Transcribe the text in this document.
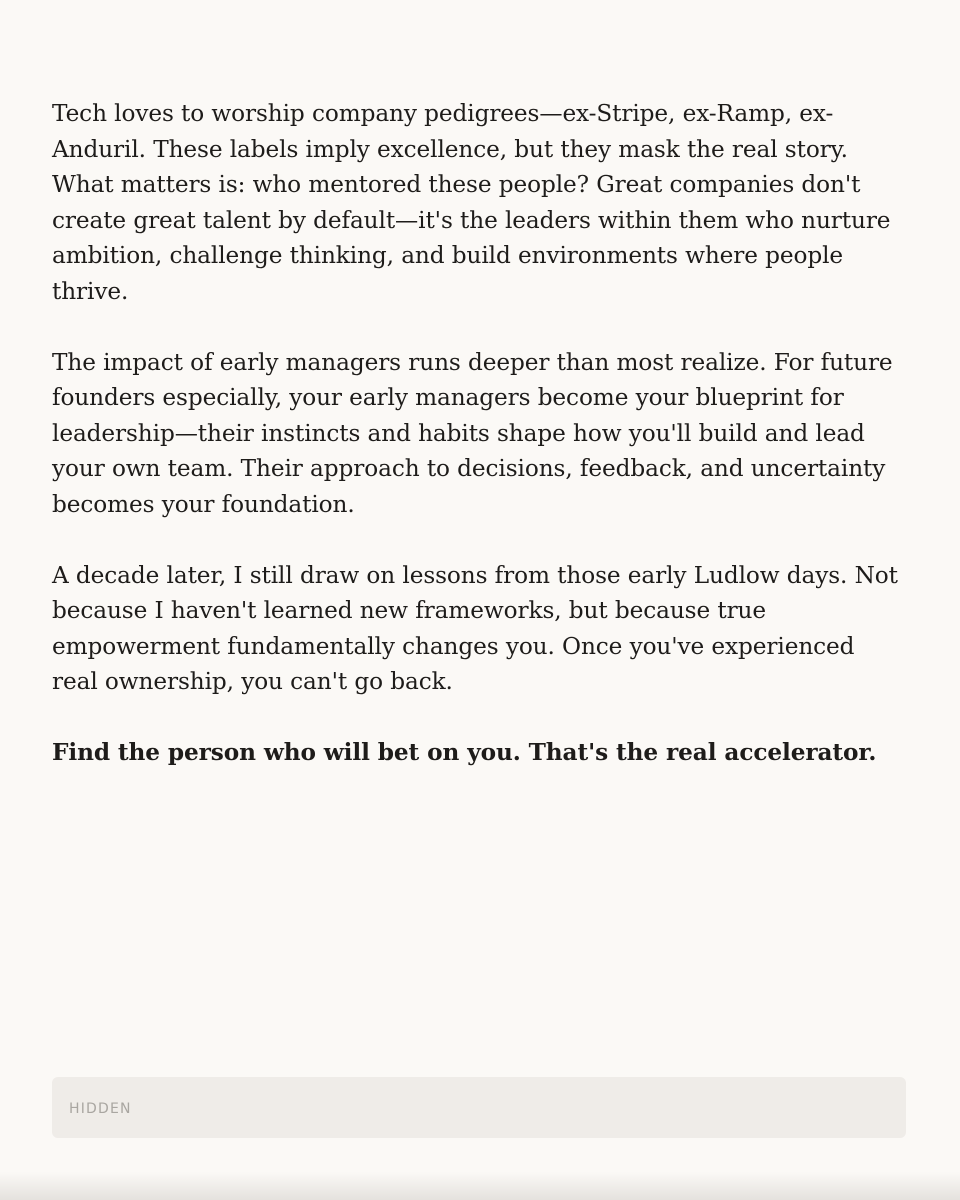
Tech loves to worship company pedigrees—ex-Stripe, ex-Ramp, ex-Anduril. These labels imply excellence, but they mask the real story. What matters is: who mentored these people? Great companies don't create great talent by default—it's the leaders within them who nurture ambition, challenge thinking, and build environments where people thrive.

The impact of early managers runs deeper than most realize. For future founders especially, your early managers become your blueprint for leadership—their instincts and habits shape how you'll build and lead your own team. Their approach to decisions, feedback, and uncertainty becomes your foundation.

A decade later, I still draw on lessons from those early Ludlow days. Not because I haven't learned new frameworks, but because true empowerment fundamentally changes you. Once you've experienced real ownership, you can't go back.

Find the person who will bet on you. That's the real accelerator.

HIDDEN
